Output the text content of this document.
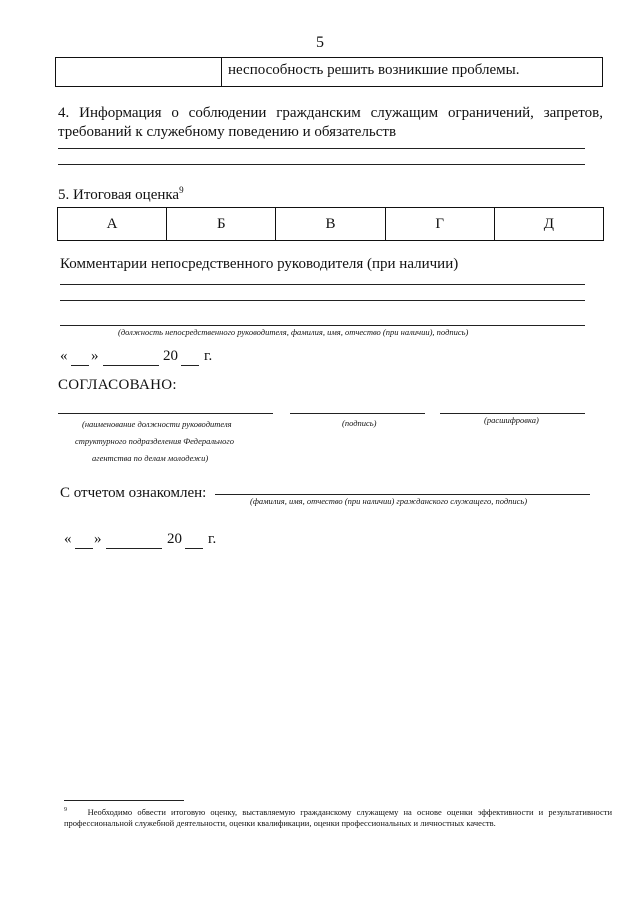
5
неспособность решить возникшие проблемы.
4. Информация о соблюдении гражданским служащим ограничений, запретов, требований к служебному поведению и обязательств
5. Итоговая оценка$^9$
А	Б	В	Г	Д
Комментарии непосредственного руководителя (при наличии)
(должность непосредственного руководителя, фамилия, имя, отчество (при наличии), подпись)
« »	20 г.
СОГЛАСОВАНО:
(наименование должности руководителя
структурного подразделения Федерального
агентства по делам молодежи)
(подпись)	(расшифровка)
С отчетом ознакомлен:	(фамилия, имя, отчество (при наличии) гражданского служащего, подпись)
« »	20 г.
$^9$ Необходимо обвести итоговую оценку, выставляемую гражданскому служащему на основе оценки эффективности и результативности профессиональной служебной деятельности, оценки квалификации, оценки профессиональных и личностных качеств.
